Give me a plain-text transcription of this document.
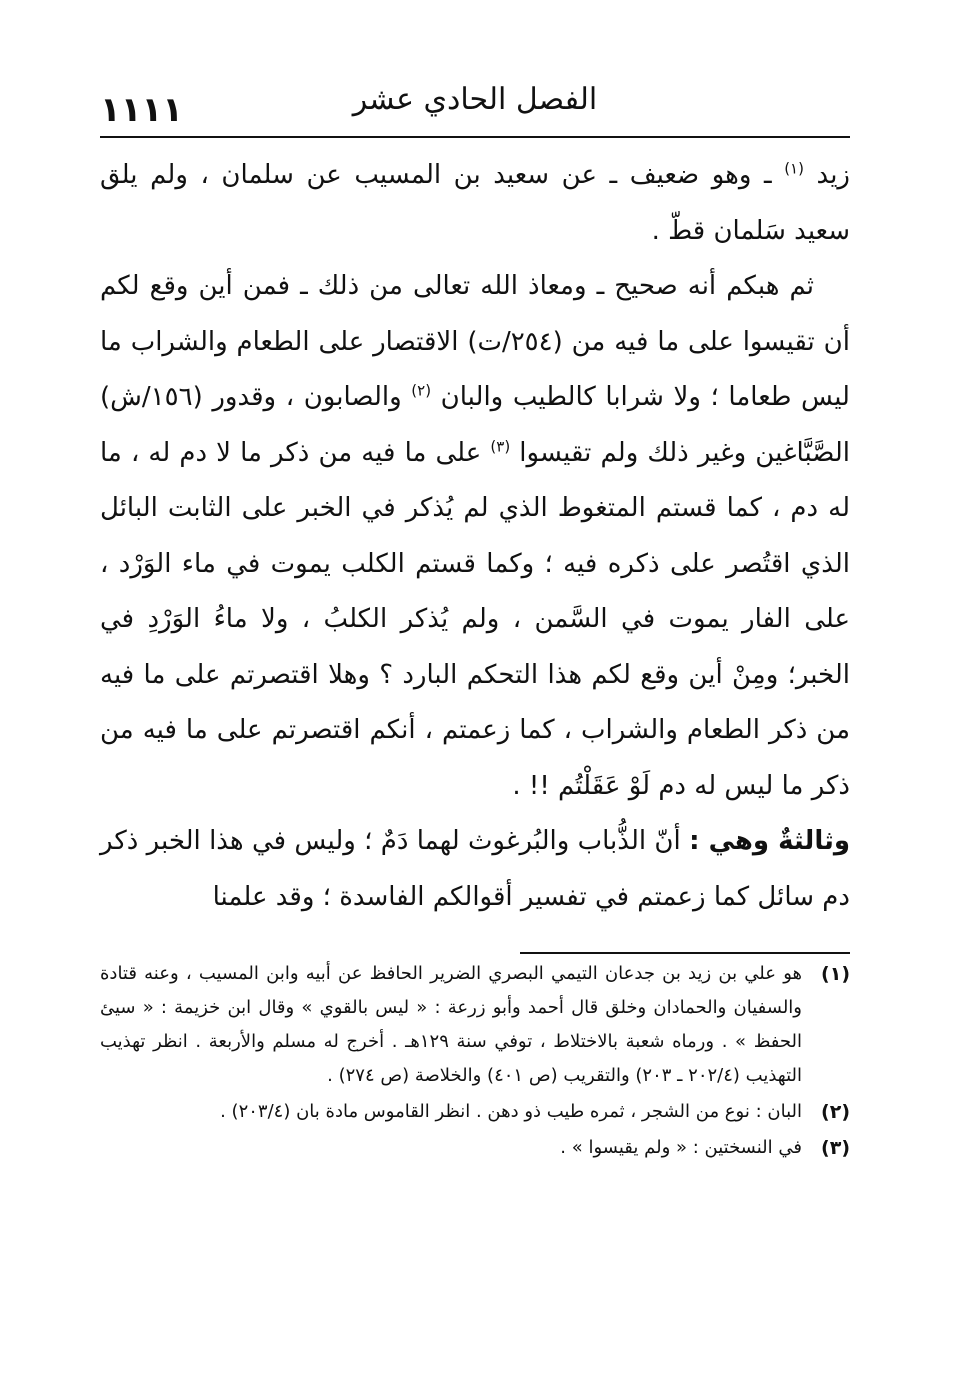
١١١١	الفصل الحادي عشر

زيد $^{(١)}$ ـ وهو ضعيف ـ عن سعيد بن المسيب عن سلمان ، ولم يلق سعيد سَلمان قطّ .

ثم هبكم أنه صحيح ـ ومعاذ الله تعالى من ذلك ـ فمن أين وقع لكم أن تقيسوا على ما فيه من (٢٥٤/ت) الاقتصار على الطعام والشراب ما ليس طعاما ؛ ولا شرابا كالطيب والبان $^{(٢)}$ والصابون ، وقدور (١٥٦/ش) الصَّبَّاغين وغير ذلك ولم تقيسوا $^{(٣)}$ على ما فيه من ذكر ما لا دم له ، ما له دم ، كما قستم المتغوط الذي لم يُذكر في الخبر على الثابت البائل الذي اقتُصر على ذكره فيه ؛ وكما قستم الكلب يموت في ماء الوَرْد ، على الفار يموت في السَّمن ، ولم يُذكر الكلبُ ، ولا ماءُ الوَرْدِ في الخبر؛ ومِنْ أين وقع لكم هذا التحكم البارد ؟ وهلا اقتصرتم على ما فيه من ذكر الطعام والشراب ، كما زعمتم ، أنكم اقتصرتم على ما فيه من ذكر ما ليس له دم لَوْ عَقَلْتُم !! .

وثالثةٌ وهي : أنّ الذُّباب والبُرغوث لهما دَمٌ ؛ وليس في هذا الخبر ذكر دم سائل كما زعمتم في تفسير أقوالكم الفاسدة ؛ وقد علمنا

(١)
هو علي بن زيد بن جدعان التيمي البصري الضرير الحافظ عن أبيه وابن المسيب ، وعنه قتادة والسفيان والحمادان وخلق قال أحمد وأبو زرعة : « ليس بالقوي » وقال ابن خزيمة : « سيئ الحفظ » . ورماه شعبة بالاختلاط ، توفي سنة ١٢٩هـ . أخرج له مسلم والأربعة . انظر تهذيب التهذيب (٢٠٢/٤ ـ ٢٠٣) والتقريب (ص ٤٠١) والخلاصة (ص ٢٧٤) .
(٢)
البان : نوع من الشجر ، ثمره طيب ذو دهن . انظر القاموس مادة بان (٢٠٣/٤) .
(٣)
في النسختين : « ولم يقيسوا » .
